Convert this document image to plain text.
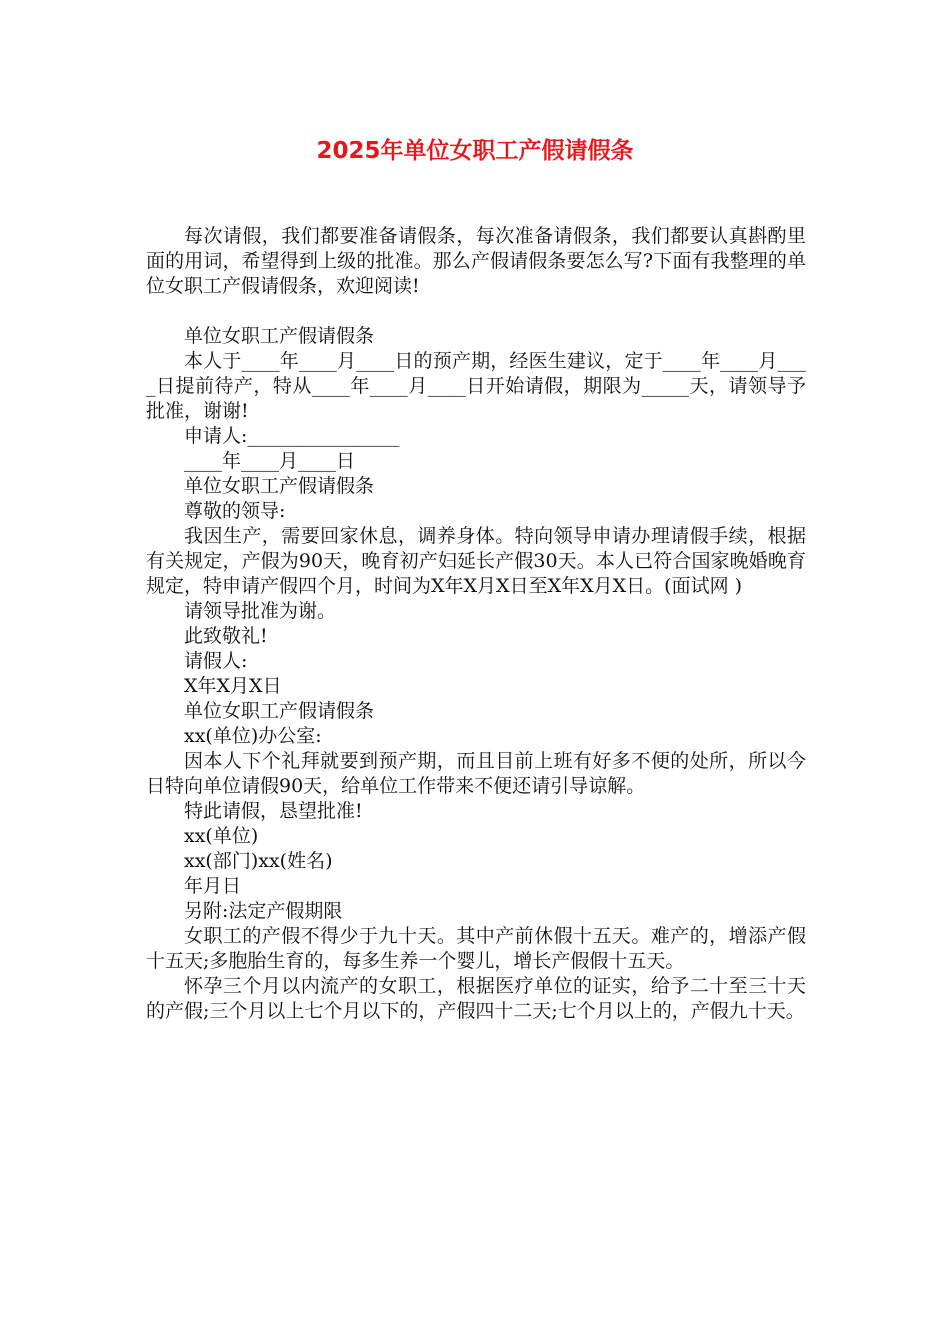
2025年单位女职工产假请假条

每次请假，我们都要准备请假条，每次准备请假条，我们都要认真斟酌里面的用词，希望得到上级的批准。那么产假请假条要怎么写?下面有我整理的单位女职工产假请假条，欢迎阅读!

单位女职工产假请假条

本人于____年____月____日的预产期，经医生建议，定于____年____月____日提前待产，特从____年____月____日开始请假，期限为_____天，请领导予批准，谢谢!

申请人:________________

____年____月____日

单位女职工产假请假条

尊敬的领导:

我因生产，需要回家休息，调养身体。特向领导申请办理请假手续，根据有关规定，产假为90天，晚育初产妇延长产假30天。本人已符合国家晚婚晚育规定，特申请产假四个月，时间为X年X月X日至X年X月X日。(面试网 )

请领导批准为谢。

此致敬礼!

请假人:

X年X月X日

单位女职工产假请假条

xx(单位)办公室:

因本人下个礼拜就要到预产期，而且目前上班有好多不便的处所，所以今日特向单位请假90天，给单位工作带来不便还请引导谅解。

特此请假，恳望批准!

xx(单位)

xx(部门)xx(姓名)

年月日

另附:法定产假期限

女职工的产假不得少于九十天。其中产前休假十五天。难产的，增添产假十五天;多胞胎生育的，每多生养一个婴儿，增长产假假十五天。

怀孕三个月以内流产的女职工，根据医疗单位的证实，给予二十至三十天的产假;三个月以上七个月以下的，产假四十二天;七个月以上的，产假九十天。
